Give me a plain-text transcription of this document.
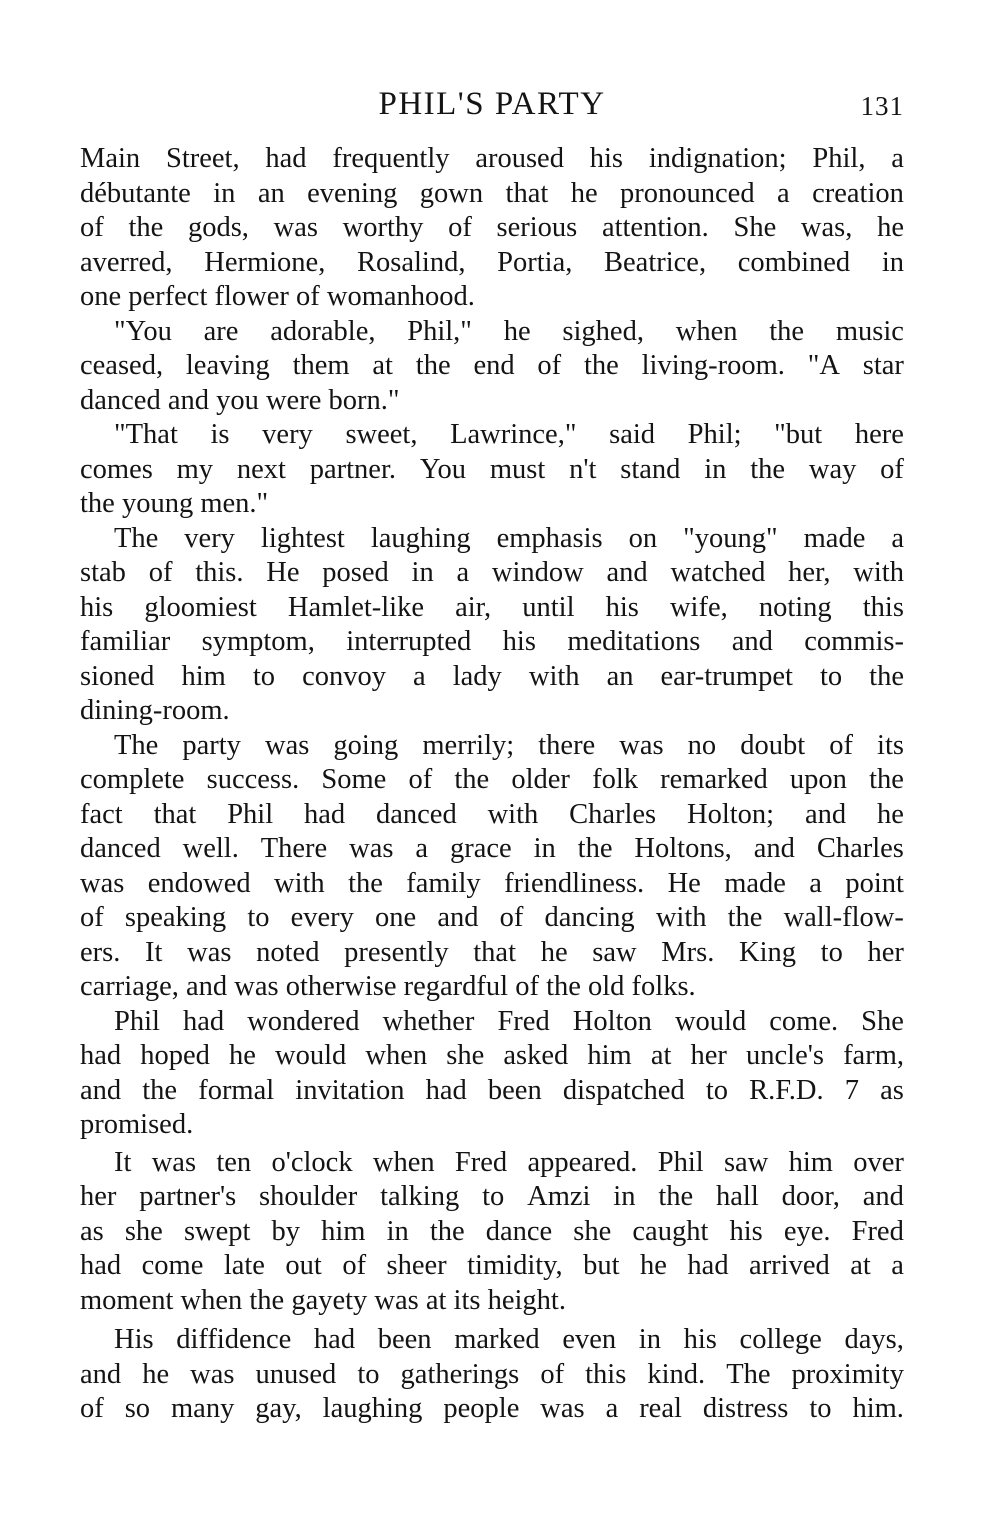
PHIL'S PARTY	131
Main Street, had frequently aroused his indignation; Phil, a
débutante in an evening gown that he pronounced a creation
of the gods, was worthy of serious attention. She was, he
averred, Hermione, Rosalind, Portia, Beatrice, combined in
one perfect flower of womanhood.
"You are adorable, Phil," he sighed, when the music
ceased, leaving them at the end of the living-room. "A star
danced and you were born."
"That is very sweet, Lawrince," said Phil; "but here
comes my next partner. You must n't stand in the way of
the young men."
The very lightest laughing emphasis on "young" made a
stab of this. He posed in a window and watched her, with
his gloomiest Hamlet-like air, until his wife, noting this
familiar symptom, interrupted his meditations and commis-
sioned him to convoy a lady with an ear-trumpet to the
dining-room.
The party was going merrily; there was no doubt of its
complete success. Some of the older folk remarked upon the
fact that Phil had danced with Charles Holton; and he
danced well. There was a grace in the Holtons, and Charles
was endowed with the family friendliness. He made a point
of speaking to every one and of dancing with the wall-flow-
ers. It was noted presently that he saw Mrs. King to her
carriage, and was otherwise regardful of the old folks.
Phil had wondered whether Fred Holton would come. She
had hoped he would when she asked him at her uncle's farm,
and the formal invitation had been dispatched to R.F.D. 7 as
promised.
It was ten o'clock when Fred appeared. Phil saw him over
her partner's shoulder talking to Amzi in the hall door, and
as she swept by him in the dance she caught his eye. Fred
had come late out of sheer timidity, but he had arrived at a
moment when the gayety was at its height.
His diffidence had been marked even in his college days,
and he was unused to gatherings of this kind. The proximity
of so many gay, laughing people was a real distress to him.
